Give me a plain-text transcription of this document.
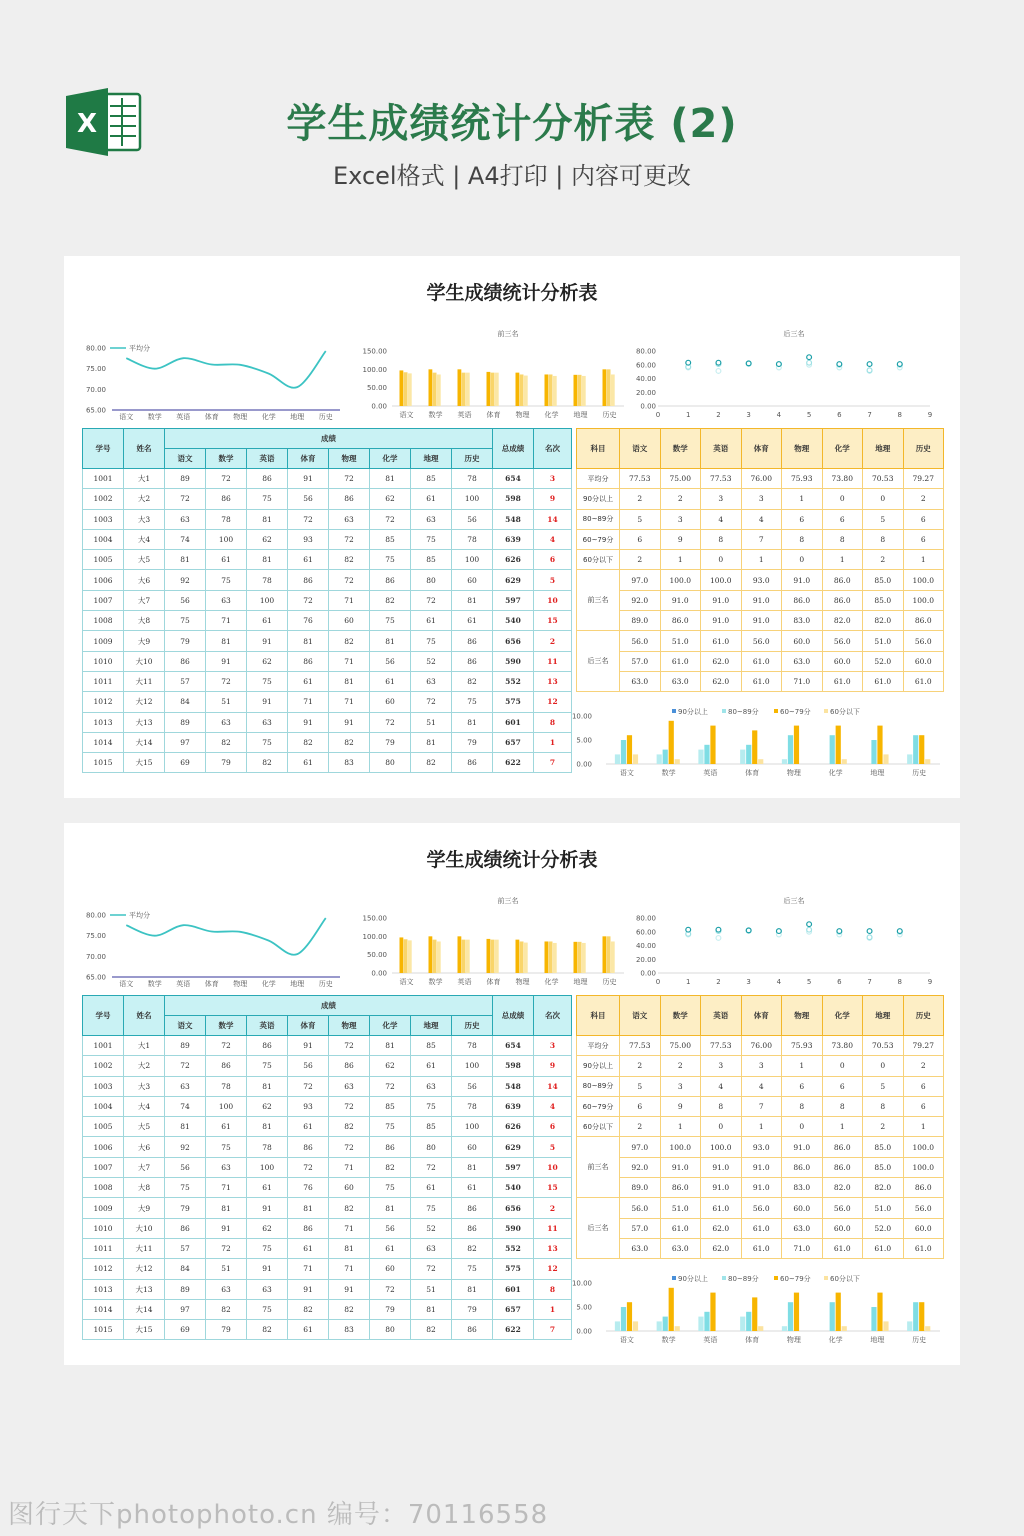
X	学生成绩统计分析表 (2)
Excel格式 | A4打印 | 内容可更改
学生成绩统计分析表
平均分
65.00
70.00
75.00
80.00
语文 数学 英语 体育 物理 化学 地理 历史
前三名
0.00
50.00
100.00
150.00
语文 数学 英语 体育 物理 化学 地理 历史
后三名
0.00
20.00
40.00
60.00
80.00
0	1	2	3	4	5	6	7	8	9
学号	姓名	成绩								总成绩	名次
		语文	数学	英语	体育	物理	化学	地理	历史		
1001	大1	89	72	86	91	72	81	85	78	654	3
1002	大2	72	86	75	56	86	62	61	100	598	9
1003	大3	63	78	81	72	63	72	63	56	548	14
1004	大4	74	100	62	93	72	85	75	78	639	4
1005	大5	81	61	81	61	82	75	85	100	626	6
1006	大6	92	75	78	86	72	86	80	60	629	5
1007	大7	56	63	100	72	71	82	72	81	597	10
1008	大8	75	71	61	76	60	75	61	61	540	15
1009	大9	79	81	91	81	82	81	75	86	656	2
1010	大10	86	91	62	86	71	56	52	86	590	11
1011	大11	57	72	75	61	81	61	63	82	552	13
1012	大12	84	51	91	71	71	60	72	75	575	12
1013	大13	89	63	63	91	91	72	51	81	601	8
1014	大14	97	82	75	82	82	79	81	79	657	1
1015	大15	69	79	82	61	83	80	82	86	622	7
科目	语文	数学	英语	体育	物理	化学	地理	历史
平均分	77.53	75.00	77.53	76.00	75.93	73.80	70.53	79.27
90分以上	2	2	3	3	1	0	0	2
80~89分	5	3	4	4	6	6	5	6
60~79分	6	9	8	7	8	8	8	6
60分以下	2	1	0	1	0	1	2	1
前三名	97.0	100.0	100.0	93.0	91.0	86.0	85.0	100.0
	92.0	91.0	91.0	91.0	86.0	86.0	85.0	100.0
	89.0	86.0	91.0	91.0	83.0	82.0	82.0	86.0
后三名	56.0	51.0	61.0	56.0	60.0	56.0	51.0	56.0
	57.0	61.0	62.0	61.0	63.0	60.0	52.0	60.0
	63.0	63.0	62.0	61.0	71.0	61.0	61.0	61.0
0.00
5.00
10.00
90分以上	80~89分	60~79分	60分以下
语文	数学	英语	体育	物理	化学	地理	历史
学生成绩统计分析表
平均分
65.00
70.00
75.00
80.00
语文 数学 英语 体育 物理 化学 地理 历史
前三名
0.00
50.00
100.00
150.00
语文 数学 英语 体育 物理 化学 地理 历史
后三名
0.00
20.00
40.00
60.00
80.00
0	1	2	3	4	5	6	7	8	9
学号	姓名	成绩								总成绩	名次
		语文	数学	英语	体育	物理	化学	地理	历史		
1001	大1	89	72	86	91	72	81	85	78	654	3
1002	大2	72	86	75	56	86	62	61	100	598	9
1003	大3	63	78	81	72	63	72	63	56	548	14
1004	大4	74	100	62	93	72	85	75	78	639	4
1005	大5	81	61	81	61	82	75	85	100	626	6
1006	大6	92	75	78	86	72	86	80	60	629	5
1007	大7	56	63	100	72	71	82	72	81	597	10
1008	大8	75	71	61	76	60	75	61	61	540	15
1009	大9	79	81	91	81	82	81	75	86	656	2
1010	大10	86	91	62	86	71	56	52	86	590	11
1011	大11	57	72	75	61	81	61	63	82	552	13
1012	大12	84	51	91	71	71	60	72	75	575	12
1013	大13	89	63	63	91	91	72	51	81	601	8
1014	大14	97	82	75	82	82	79	81	79	657	1
1015	大15	69	79	82	61	83	80	82	86	622	7
科目	语文	数学	英语	体育	物理	化学	地理	历史
平均分	77.53	75.00	77.53	76.00	75.93	73.80	70.53	79.27
90分以上	2	2	3	3	1	0	0	2
80~89分	5	3	4	4	6	6	5	6
60~79分	6	9	8	7	8	8	8	6
60分以下	2	1	0	1	0	1	2	1
前三名	97.0	100.0	100.0	93.0	91.0	86.0	85.0	100.0
	92.0	91.0	91.0	91.0	86.0	86.0	85.0	100.0
	89.0	86.0	91.0	91.0	83.0	82.0	82.0	86.0
后三名	56.0	51.0	61.0	56.0	60.0	56.0	51.0	56.0
	57.0	61.0	62.0	61.0	63.0	60.0	52.0	60.0
	63.0	63.0	62.0	61.0	71.0	61.0	61.0	61.0
0.00
5.00
10.00
90分以上	80~89分	60~79分	60分以下
语文	数学	英语	体育	物理	化学	地理	历史
图行天下photophoto.cn 编号：70116558
